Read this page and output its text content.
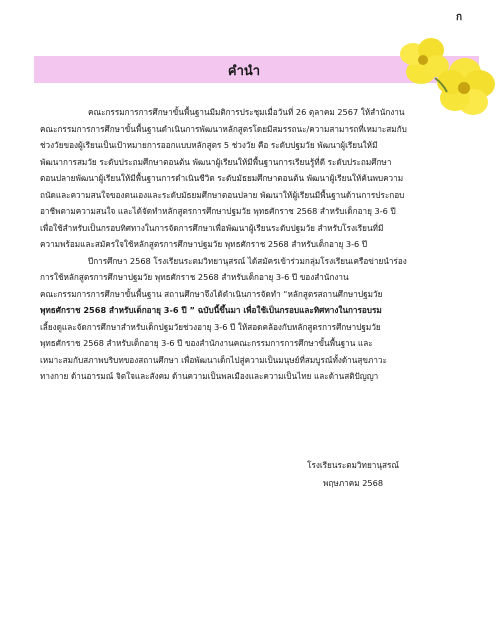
ก
คำนำ
คณะกรรมการการศึกษาขั้นพื้นฐานมีมติการประชุมเมื่อวันที่ 26 ตุลาคม 2567 ให้สำนักงาน
คณะกรรมการการศึกษาขั้นพื้นฐานดำเนินการพัฒนาหลักสูตรโดยมีสมรรถนะ/ความสามารถที่เหมาะสมกับ
ช่วงวัยของผู้เรียนเป็นเป้าหมายการออกแบบหลักสูตร 5 ช่วงวัย คือ ระดับปฐมวัย พัฒนาผู้เรียนให้มี
พัฒนาการสมวัย ระดับประถมศึกษาตอนต้น พัฒนาผู้เรียนให้มีพื้นฐานการเรียนรู้ที่ดี ระดับประถมศึกษา
ตอนปลายพัฒนาผู้เรียนให้มีพื้นฐานการดำเนินชีวิต ระดับมัธยมศึกษาตอนต้น พัฒนาผู้เรียนให้ค้นพบความ
ถนัดและความสนใจของตนเองและระดับมัธยมศึกษาตอนปลาย พัฒนาให้ผู้เรียนมีพื้นฐานด้านการประกอบ
อาชีพตามความสนใจ และได้จัดทำหลักสูตรการศึกษาปฐมวัย พุทธศักราช 2568 สำหรับเด็กอายุ 3-6 ปี
เพื่อใช้สำหรับเป็นกรอบทิศทางในการจัดการศึกษาเพื่อพัฒนาผู้เรียนระดับปฐมวัย สำหรับโรงเรียนที่มี
ความพร้อมและสมัครใจใช้หลักสูตรการศึกษาปฐมวัย พุทธศักราช 2568 สำหรับเด็กอายุ 3-6 ปี
ปีการศึกษา 2568 โรงเรียนระตมวิทยานุสรณ์ ได้สมัครเข้าร่วมกลุ่มโรงเรียนเครือข่ายนำร่อง
การใช้หลักสูตรการศึกษาปฐมวัย พุทธศักราช 2568 สำหรับเด็กอายุ 3-6 ปี ของสำนักงาน
คณะกรรมการการศึกษาขั้นพื้นฐาน สถานศึกษาจึงได้ดำเนินการจัดทำ “หลักสูตรสถานศึกษาปฐมวัย
พุทธศักราช 2568 สำหรับเด็กอายุ 3-6 ปี ” ฉบับนี้ขึ้นมา เพื่อใช้เป็นกรอบและทิศทางในการอบรม
เลี้ยงดูและจัดการศึกษาสำหรับเด็กปฐมวัยช่วงอายุ 3-6 ปี ให้สอดคล้องกับหลักสูตรการศึกษาปฐมวัย
พุทธศักราช 2568 สำหรับเด็กอายุ 3-6 ปี ของสำนักงานคณะกรรมการการศึกษาขั้นพื้นฐาน และ
เหมาะสมกับสภาพบริบทของสถานศึกษา เพื่อพัฒนาเด็กไปสู่ความเป็นมนุษย์ที่สมบูรณ์ทั้งด้านสุขภาวะ
ทางกาย ด้านอารมณ์ จิตใจและสังคม ด้านความเป็นพลเมืองและความเป็นไทย และด้านสติปัญญา
โรงเรียนระตมวิทยานุสรณ์
พฤษภาคม 2568
